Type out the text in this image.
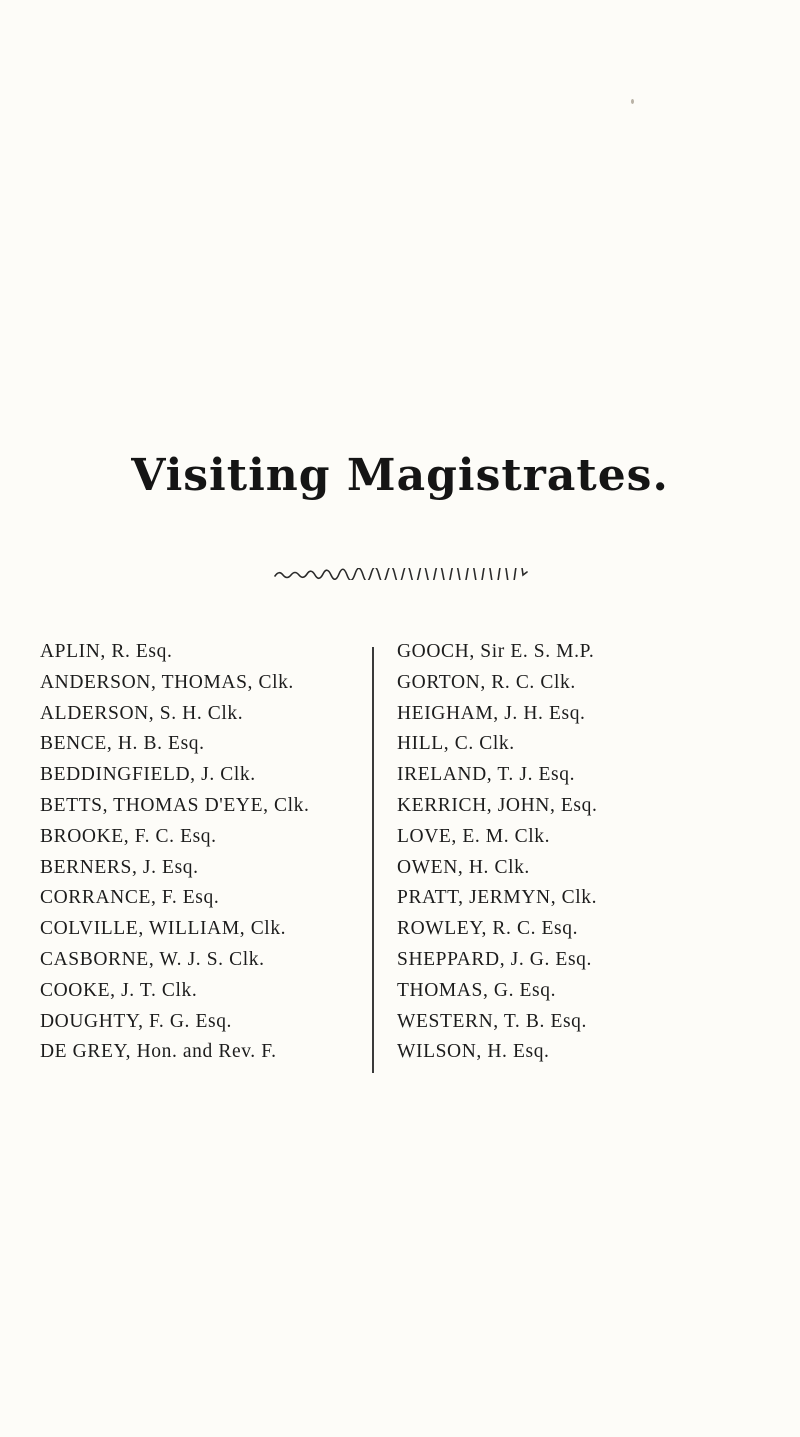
Visiting Magistrates.
APLIN, R. Esq.
ANDERSON, THOMAS, Clk.
ALDERSON, S. H. Clk.
BENCE, H. B. Esq.
BEDDINGFIELD, J. Clk.
BETTS, THOMAS D'EYE, Clk.
BROOKE, F. C. Esq.
BERNERS, J. Esq.
CORRANCE, F. Esq.
COLVILLE, WILLIAM, Clk.
CASBORNE, W. J. S. Clk.
COOKE, J. T. Clk.
DOUGHTY, F. G. Esq.
DE GREY, Hon. and Rev. F.
GOOCH, Sir E. S. M.P.
GORTON, R. C. Clk.
HEIGHAM, J. H. Esq.
HILL, C. Clk.
IRELAND, T. J. Esq.
KERRICH, JOHN, Esq.
LOVE, E. M. Clk.
OWEN, H. Clk.
PRATT, JERMYN, Clk.
ROWLEY, R. C. Esq.
SHEPPARD, J. G. Esq.
THOMAS, G. Esq.
WESTERN, T. B. Esq.
WILSON, H. Esq.
